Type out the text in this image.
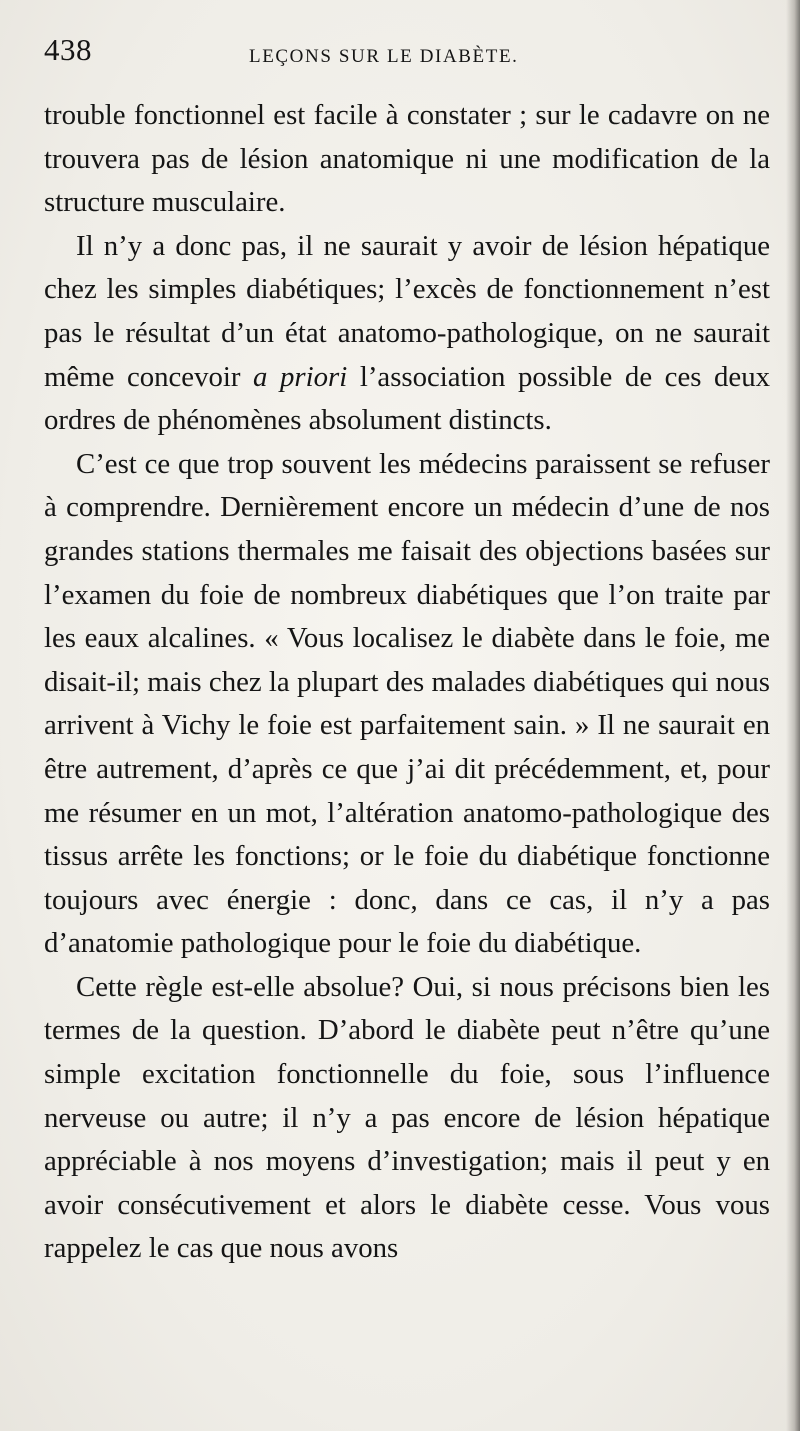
438	LEÇONS SUR LE DIABÈTE.

trouble fonctionnel est facile à constater ; sur le cadavre on ne trouvera pas de lésion anatomique ni une modification de la structure musculaire.

Il n’y a donc pas, il ne saurait y avoir de lésion hépatique chez les simples diabétiques; l’excès de fonctionnement n’est pas le résultat d’un état anatomo-pathologique, on ne saurait même concevoir a priori l’association possible de ces deux ordres de phénomènes absolument distincts.

C’est ce que trop souvent les médecins paraissent se refuser à comprendre. Dernièrement encore un médecin d’une de nos grandes stations thermales me faisait des objections basées sur l’examen du foie de nombreux diabétiques que l’on traite par les eaux alcalines. « Vous localisez le diabète dans le foie, me disait-il; mais chez la plupart des malades diabétiques qui nous arrivent à Vichy le foie est parfaitement sain. » Il ne saurait en être autrement, d’après ce que j’ai dit précédemment, et, pour me résumer en un mot, l’altération anatomo-pathologique des tissus arrête les fonctions; or le foie du diabétique fonctionne toujours avec énergie : donc, dans ce cas, il n’y a pas d’anatomie pathologique pour le foie du diabétique.

Cette règle est-elle absolue? Oui, si nous précisons bien les termes de la question. D’abord le diabète peut n’être qu’une simple excitation fonctionnelle du foie, sous l’influence nerveuse ou autre; il n’y a pas encore de lésion hépatique appréciable à nos moyens d’investigation; mais il peut y en avoir consécutivement et alors le diabète cesse. Vous vous rappelez le cas que nous avons
